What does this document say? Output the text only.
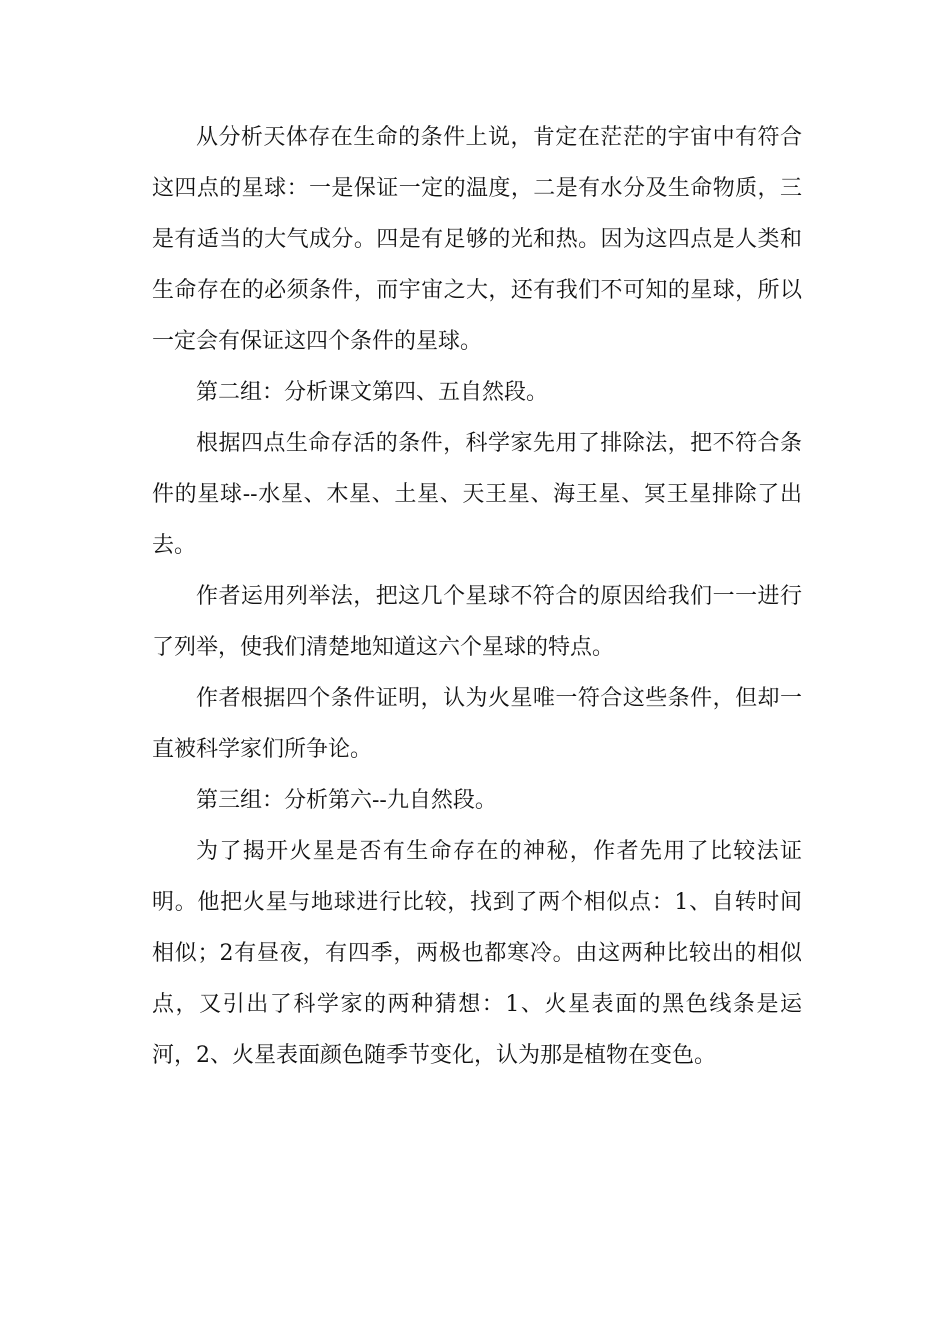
从分析天体存在生命的条件上说，肯定在茫茫的宇宙中有符合这四点的星球：一是保证一定的温度，二是有水分及生命物质，三是有适当的大气成分。四是有足够的光和热。因为这四点是人类和生命存在的必须条件，而宇宙之大，还有我们不可知的星球，所以一定会有保证这四个条件的星球。

第二组：分析课文第四、五自然段。

根据四点生命存活的条件，科学家先用了排除法，把不符合条件的星球--水星、木星、土星、天王星、海王星、冥王星排除了出去。

作者运用列举法，把这几个星球不符合的原因给我们一一进行了列举，使我们清楚地知道这六个星球的特点。

作者根据四个条件证明，认为火星唯一符合这些条件，但却一直被科学家们所争论。

第三组：分析第六--九自然段。

为了揭开火星是否有生命存在的神秘，作者先用了比较法证明。他把火星与地球进行比较，找到了两个相似点：1、自转时间相似；2有昼夜，有四季，两极也都寒冷。由这两种比较出的相似点，又引出了科学家的两种猜想：1、火星表面的黑色线条是运河，2、火星表面颜色随季节变化，认为那是植物在变色。
